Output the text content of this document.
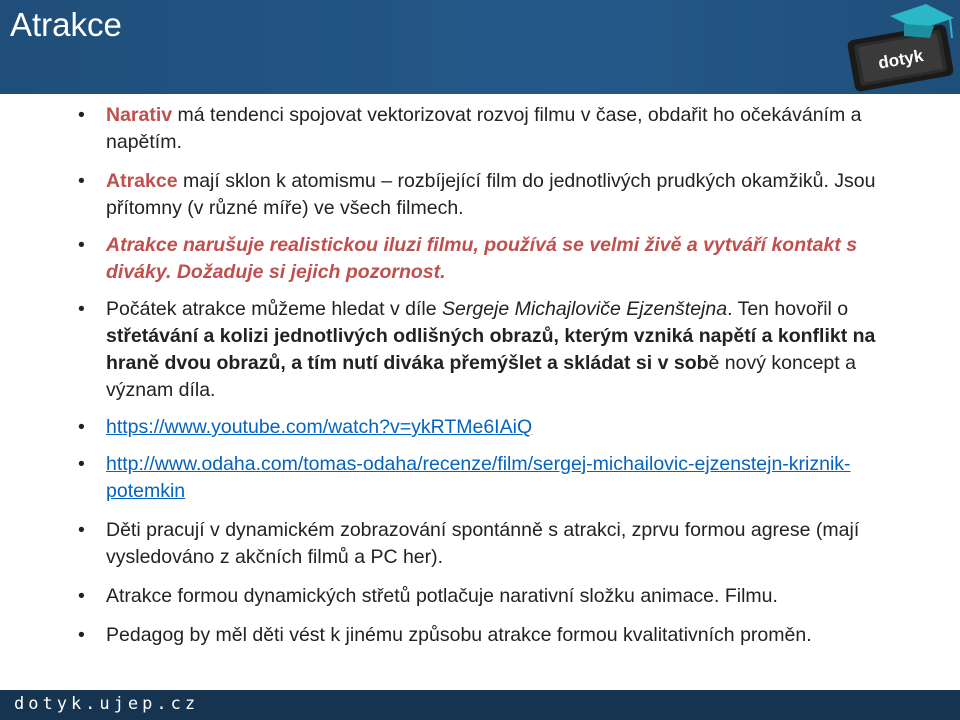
Atrakce
dotyk
•	Narativ má tendenci spojovat vektorizovat rozvoj filmu v čase, obdařit ho očekáváním a napětím.
•	Atrakce mají sklon k atomismu – rozbíjející film do jednotlivých prudkých okamžiků. Jsou přítomny (v různé míře) ve všech filmech.
•	Atrakce narušuje realistickou iluzi filmu, používá se velmi živě a vytváří kontakt s diváky. Dožaduje si jejich pozornost.
•	Počátek atrakce můžeme hledat v díle Sergeje Michajloviče Ejzenštejna. Ten hovořil o střetávání a kolizi jednotlivých odlišných obrazů, kterým vzniká napětí a konflikt na hraně dvou obrazů, a tím nutí diváka přemýšlet a skládat si v sobě nový koncept a význam díla.
•	https://www.youtube.com/watch?v=ykRTMe6IAiQ
•	http://www.odaha.com/tomas-odaha/recenze/film/sergej-michailovic-ejzenstejn-kriznik-potemkin
•	Děti pracují v dynamickém zobrazování spontánně s atrakci, zprvu formou agrese (mají vysledováno z akčních filmů a PC her).
•	Atrakce formou dynamických střetů potlačuje narativní složku animace. Filmu.
•	Pedagog by měl děti vést k jinému způsobu atrakce formou kvalitativních proměn.
dotyk.ujep.cz
